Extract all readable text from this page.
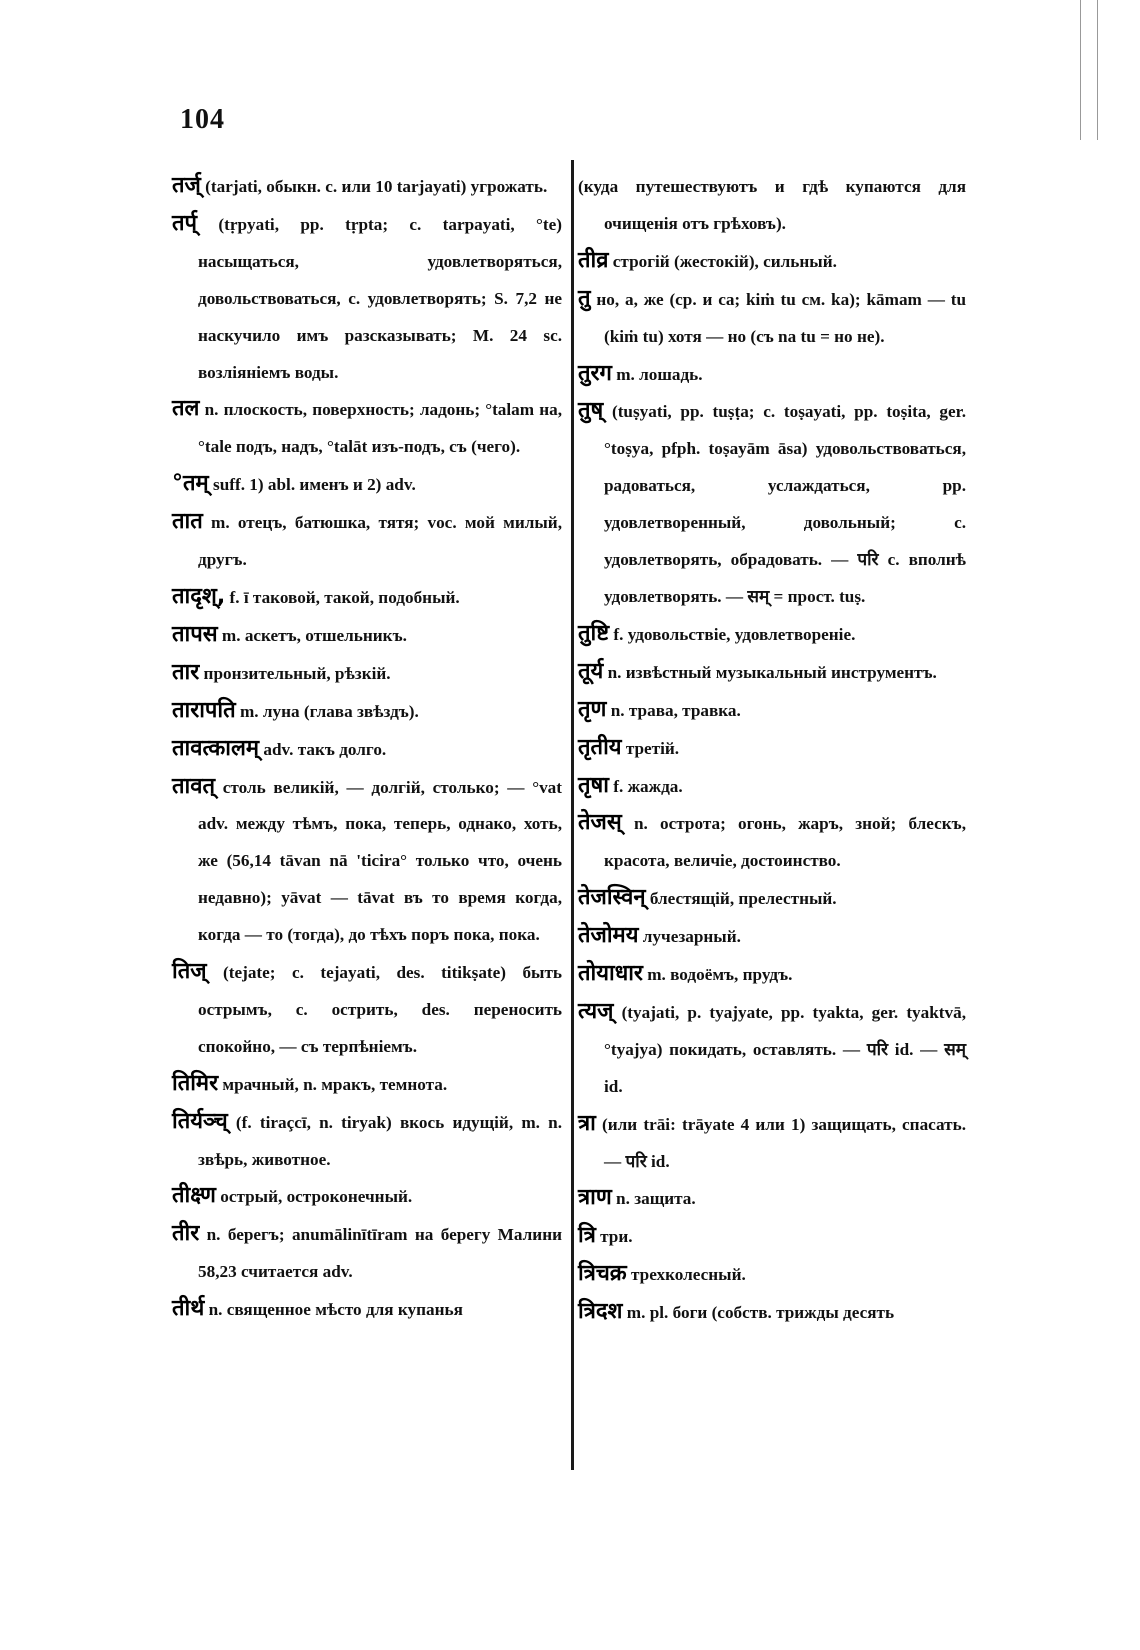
104
तर्ज् (tarjati, обыкн. c. или 10 tarjayati) угрожать.
तर्प् (tṛpyati, pp. tṛpta; c. tarpayati, °te) насыщаться, удовлетворяться, довольствоваться, c. удовлетворять; S. 7,2 не наскучило имъ разсказывать; M. 24 sc. возліяніемъ воды.
तल n. плоскость, поверхность; ладонь; °talam на, °tale подъ, надъ, °talāt изъ-подъ, съ (чего).
°तम् suff. 1) abl. именъ и 2) adv.
तात m. отецъ, батюшка, тятя; voc. мой милый, другъ.
तादृश्, f. ī таковой, такой, подобный.
तापस m. аскетъ, отшельникъ.
तार пронзительный, рѣзкій.
तारापति m. луна (глава звѣздъ).
तावत्कालम् adv. такъ долго.
तावत् столь великій, — долгій, столько; — °vat adv. между тѣмъ, пока, теперь, однако, хоть, же (56,14 tāvan nā 'ticira° только что, очень недавно); yāvat — tāvat въ то время когда, когда — то (тогда), до тѣхъ поръ пока, пока.
तिज् (tejate; c. tejayati, des. titikṣate) быть острымъ, c. острить, des. переносить спокойно, — съ терпѣніемъ.
तिमिर мрачный, n. мракъ, темнота.
तिर्यञ्च् (f. tiraçcī, n. tiryak) вкось идущій, m. n. звѣрь, животное.
तीक्ष्ण острый, остроконечный.
तीर n. берегъ; anumālinītīram на берегу Малини 58,23 считается adv.
तीर्थ n. священное мѣсто для купанья
(куда путешествуютъ и гдѣ купаются для очищенія отъ грѣховъ).
तीव्र строгій (жестокій), сильный.
तु но, а, же (ср. и ca; kiṁ tu см. ka); kāmam — tu (kiṁ tu) хотя — но (съ na tu = но не).
तुरग m. лошадь.
तुष् (tuṣyati, pp. tuṣṭa; c. toṣayati, pp. toṣita, ger. °toṣya, pfph. toṣayām āsa) удовольствоваться, радоваться, услаждаться, pp. удовлетворенный, довольный; c. удовлетворять, обрадовать. — परि c. вполнѣ удовлетворять. — सम् = прост. tuṣ.
तुष्टि f. удовольствіе, удовлетвореніе.
तूर्य n. извѣстный музыкальный инструментъ.
तृण n. трава, травка.
तृतीय третій.
तृषा f. жажда.
तेजस् n. острота; огонь, жаръ, зной; блескъ, красота, величіе, достоинство.
तेजस्विन् блестящій, прелестный.
तेजोमय лучезарный.
तोयाधार m. водоёмъ, прудъ.
त्यज् (tyajati, p. tyajyate, pp. tyakta, ger. tyaktvā, °tyajya) покидать, оставлять. — परि id. — सम् id.
त्रा (или trāi: trāyate 4 или 1) защищать, спасать. — परि id.
त्राण n. защита.
त्रि три.
त्रिचक्र трехколесный.
त्रिदश m. pl. боги (собств. трижды десять
